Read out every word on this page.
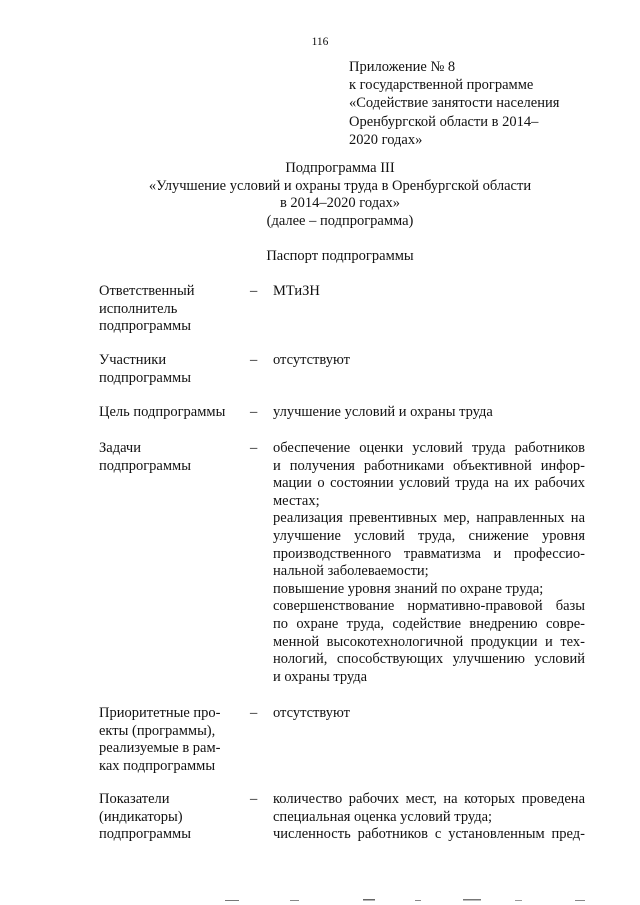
116
Приложение № 8
к государственной программе
«Содействие занятости населения
Оренбургской области в 2014–
2020 годах»
Подпрограмма III
«Улучшение условий и охраны труда в Оренбургской области
в 2014–2020 годах»
(далее – подпрограмма)
Паспорт подпрограммы
Ответственный
исполнитель
подпрограммы
– МТиЗН
Участники
подпрограммы
– отсутствуют
Цель подпрограммы	– улучшение условий и охраны труда
Задачи
подпрограммы
– обеспечение оценки условий труда работников
и получения работниками объективной инфор-
мации о состоянии условий труда на их рабочих
местах;
реализация превентивных мер, направленных на
улучшение условий труда, снижение уровня
производственного травматизма и профессио-
нальной заболеваемости;
повышение уровня знаний по охране труда;
совершенствование нормативно-правовой базы
по охране труда, содействие внедрению совре-
менной высокотехнологичной продукции и тех-
нологий, способствующих улучшению условий
и охраны труда
Приоритетные про-
екты (программы),
реализуемые в рам-
ках подпрограммы
– отсутствуют
Показатели
(индикаторы)
подпрограммы
– количество рабочих мест, на которых проведена
специальная оценка условий труда;
численность работников с установленным пред-
